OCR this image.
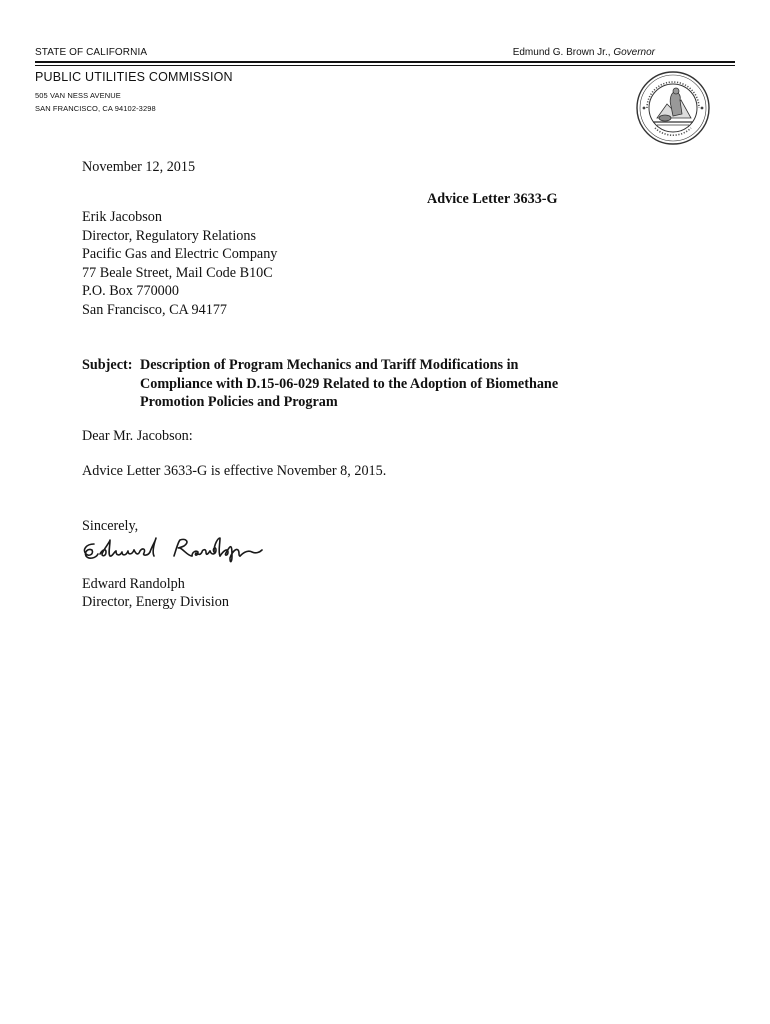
STATE OF CALIFORNIA	Edmund G. Brown Jr., Governor
PUBLIC UTILITIES COMMISSION
505 VAN NESS AVENUE
SAN FRANCISCO, CA 94102-3298
November 12, 2015
Advice Letter 3633-G
Erik Jacobson
Director, Regulatory Relations
Pacific Gas and Electric Company
77 Beale Street, Mail Code B10C
P.O. Box 770000
San Francisco, CA 94177
Subject: Description of Program Mechanics and Tariff Modifications in
Compliance with D.15-06-029 Related to the Adoption of Biomethane
Promotion Policies and Program
Dear Mr. Jacobson:
Advice Letter 3633-G is effective November 8, 2015.
Sincerely,
Edward Randolph
Director, Energy Division
